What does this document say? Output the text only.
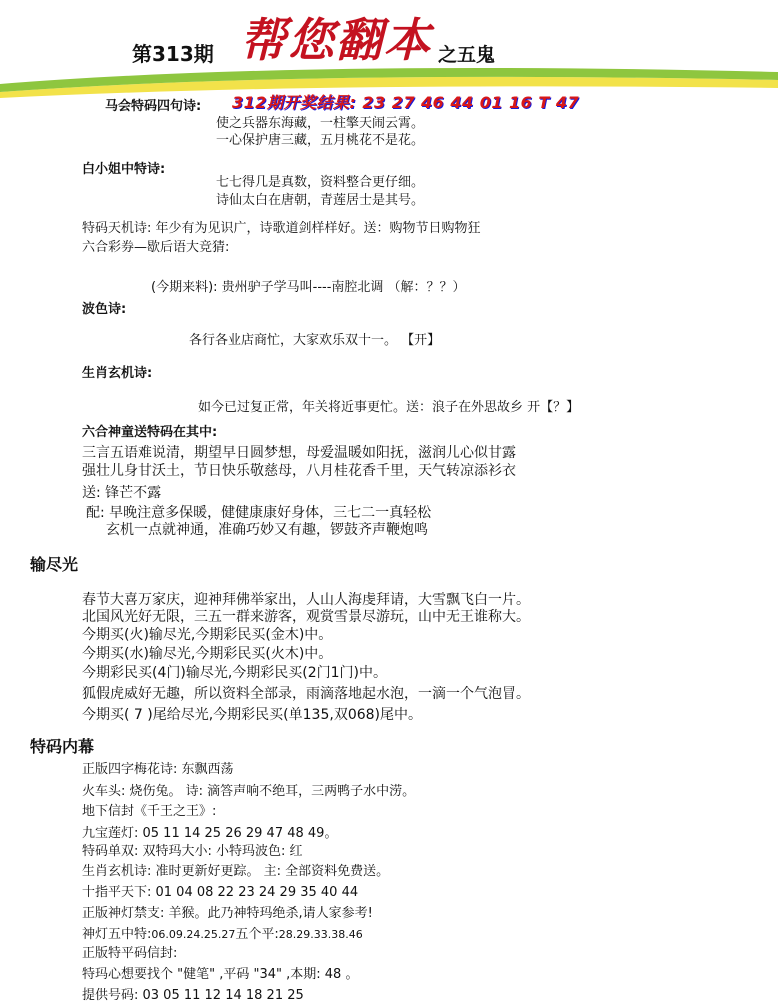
第313期 帮您翻本 之五鬼
马会特码四句诗: 312期开奖结果: 23 27 46 44 01 16 T 47
使之兵器东海藏，一柱擎天闹云霄。
一心保护唐三藏，五月桃花不是花。
白小姐中特诗:
七七得几是真数，资料整合更仔细。
诗仙太白在唐朝，青莲居士是其号。
特码天机诗: 年少有为见识广，诗歌道剑样样好。送：购物节日购物狂
六合彩券—歇后语大竞猜:
(今期来料): 贵州驴子学马叫----南腔北调 （解：？？）
波色诗:
各行各业店商忙，大家欢乐双十一。 【开】
生肖玄机诗:
如今已过复正常，年关将近事更忙。送：浪子在外思故乡 开【？】
六合神童送特码在其中:
三言五语难说清，期望早日圆梦想，母爱温暖如阳抚，滋润儿心似甘露
强壮儿身甘沃土，节日快乐敬慈母，八月桂花香千里，天气转凉添衫衣
送: 锋芒不露
配: 早晚注意多保暖，健健康康好身体，三七二一真轻松
玄机一点就神通，准确巧妙又有趣，锣鼓齐声鞭炮鸣
输尽光
春节大喜万家庆，迎神拜佛举家出，人山人海虔拜请，大雪飘飞白一片。
北国风光好无限，三五一群来游客，观赏雪景尽游玩，山中无王谁称大。
今期买(火)输尽光,今期彩民买(金木)中。
今期买(水)输尽光,今期彩民买(火木)中。
今期彩民买(4门)输尽光,今期彩民买(2门1门)中。
狐假虎威好无趣，所以资料全部录，雨滴落地起水泡，一滴一个气泡冒。
今期买( 7 )尾给尽光,今期彩民买(单135,双068)尾中。
特码内幕
正版四字梅花诗: 东飘西荡
火车头: 烧伤兔。 诗: 滴答声响不绝耳，三两鸭子水中涝。
地下信封《千王之王》:
九宝莲灯: 05 11 14 25 26 29 47 48 49。
特码单双: 双特玛大小: 小特玛波色: 红
生肖玄机诗: 准时更新好更踪。 主: 全部资料免费送。
十指平天下: 01 04 08 22 23 24 29 35 40 44
正版神灯禁支: 羊猴。此乃神特玛绝杀,请人家参考!
神灯五中特:06.09.24.25.27五个平:28.29.33.38.46
正版特平码信封:
特玛心想要找个 "健笔" ,平码 "34" ,本期: 48 。
提供号码: 03 05 11 12 14 18 21 25
